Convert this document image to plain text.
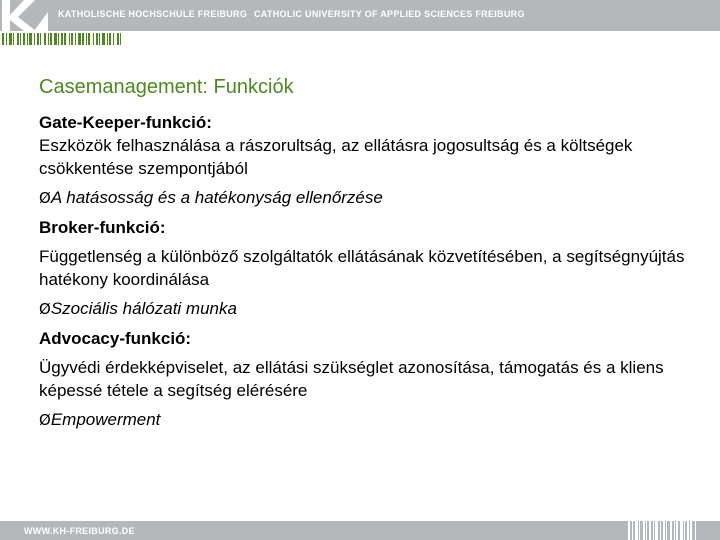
KATHOLISCHE HOCHSCHULE FREIBURG CATHOLIC UNIVERSITY OF APPLIED SCIENCES FREIBURG
Casemanagement: Funkciók

Gate-Keeper-funkció:

Eszközök felhasználása a rászorultság, az ellátásra jogosultság és a költségek csökkentése szempontjából

ØA hatásosság és a hatékonyság ellenőrzése

Broker-funkció:

Függetlenség a különböző szolgáltatók ellátásának közvetítésében, a segítségnyújtás hatékony koordinálása

ØSzociális hálózati munka

Advocacy-funkció:

Ügyvédi érdekképviselet, az ellátási szükséglet azonosítása, támogatás és a kliens képessé tétele a segítség elérésére

ØEmpowerment

WWW.KH-FREIBURG.DE
